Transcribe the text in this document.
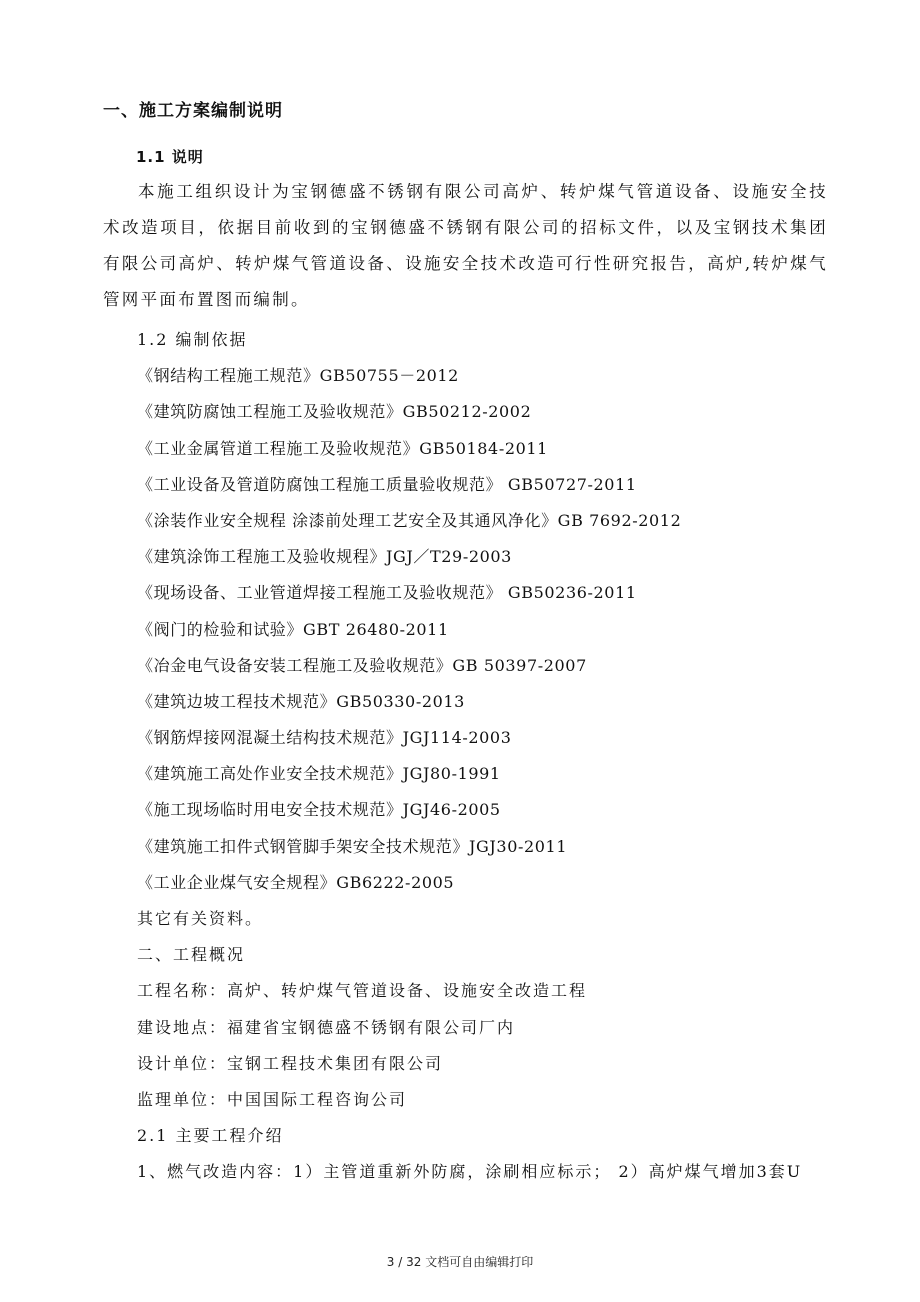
一、施工方案编制说明
1.1 说明

本施工组织设计为宝钢德盛不锈钢有限公司高炉、转炉煤气管道设备、设施安全技术改造项目，依据目前收到的宝钢德盛不锈钢有限公司的招标文件，以及宝钢技术集团有限公司高炉、转炉煤气管道设备、设施安全技术改造可行性研究报告，高炉,转炉煤气管网平面布置图而编制。

1.2 编制依据
《钢结构工程施工规范》GB50755－2012
《建筑防腐蚀工程施工及验收规范》GB50212-2002
《工业金属管道工程施工及验收规范》GB50184-2011
《工业设备及管道防腐蚀工程施工质量验收规范》 GB50727-2011
《涂装作业安全规程 涂漆前处理工艺安全及其通风净化》GB 7692-2012
《建筑涂饰工程施工及验收规程》JGJ／T29-2003
《现场设备、工业管道焊接工程施工及验收规范》 GB50236-2011
《阀门的检验和试验》GBT 26480-2011
《冶金电气设备安装工程施工及验收规范》GB 50397-2007
《建筑边坡工程技术规范》GB50330-2013
《钢筋焊接网混凝土结构技术规范》JGJ114-2003
《建筑施工高处作业安全技术规范》JGJ80-1991
《施工现场临时用电安全技术规范》JGJ46-2005
《建筑施工扣件式钢管脚手架安全技术规范》JGJ30-2011
《工业企业煤气安全规程》GB6222-2005
其它有关资料。
二、工程概况
工程名称：高炉、转炉煤气管道设备、设施安全改造工程
建设地点：福建省宝钢德盛不锈钢有限公司厂内
设计单位：宝钢工程技术集团有限公司
监理单位：中国国际工程咨询公司
2.1 主要工程介绍
1、燃气改造内容：1）主管道重新外防腐，涂刷相应标示； 2）高炉煤气增加3套U
3 / 32 文档可自由编辑打印
